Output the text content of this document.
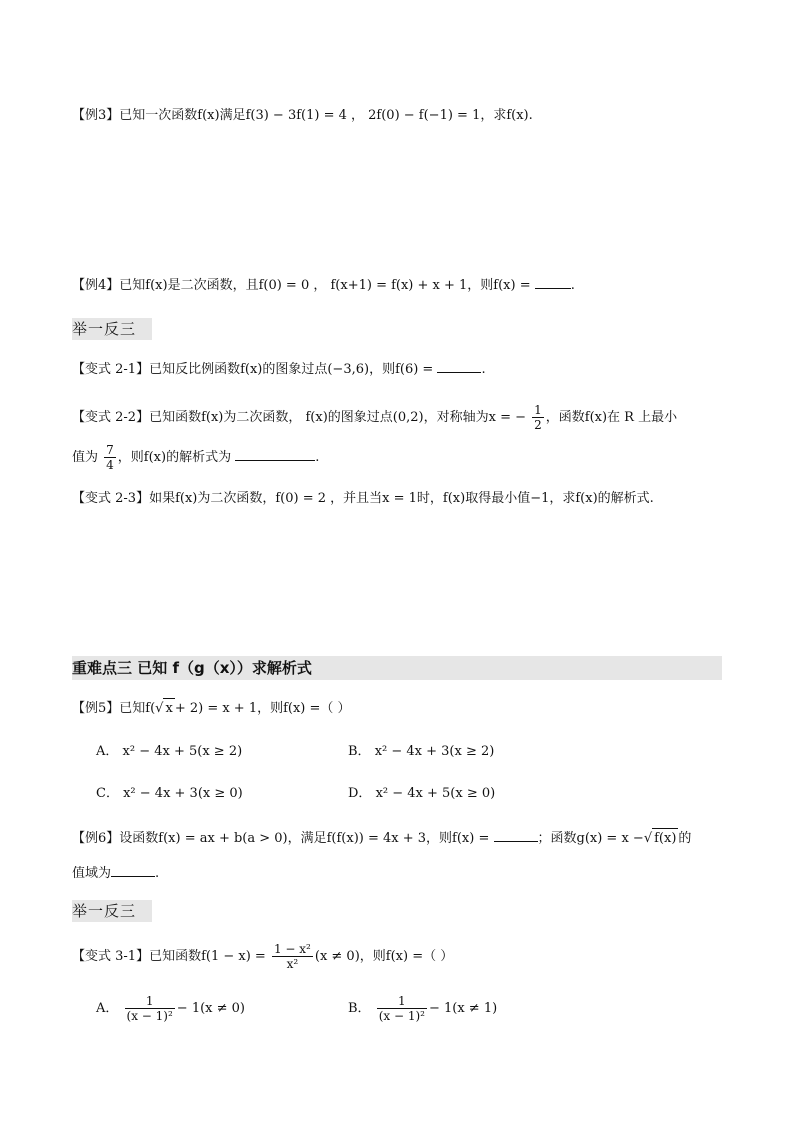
【例3】已知一次函数f(x)满足f(3) − 3f(1) = 4 ， 2f(0) − f(−1) = 1，求f(x).
【例4】已知f(x)是二次函数，且f(0) = 0 ， f(x+1) = f(x) + x + 1，则f(x) =	.
举一反三
【变式 2-1】已知反比例函数f(x)的图象过点(−3,6)，则f(6) =	.
【变式 2-2】已知函数f(x)为二次函数， f(x)的图象过点(0,2)，对称轴为x = − $\frac{1}{2}$ ，函数f(x)在 R 上最小
值为 $\frac{7}{4}$ ，则f(x)的解析式为	.
【变式 2-3】如果f(x)为二次函数，f(0) = 2 ，并且当x = 1时，f(x)取得最小值−1，求f(x)的解析式.
重难点三 已知 f（g（x））求解析式
【例5】已知f(√ x + 2) = x + 1，则f(x) =（ ）
A． x² − 4x + 5(x ≥ 2)	B． x² − 4x + 3(x ≥ 2)
C． x² − 4x + 3(x ≥ 0)	D． x² − 4x + 5(x ≥ 0)
【例6】设函数f(x) = ax + b(a > 0)，满足f(f(x)) = 4x + 3，则f(x) =	；函数g(x) = x −√ f(x) 的
值域为	.
举一反三
【变式 3-1】已知函数$f(1 - x) = \frac{\text{1 − x²}}{\text{x²}} (x \ne 0)$，则f(x) =（ ）
A． $\frac{1}{\text{(x − 1)²}} - 1(x \ne 0)$	B． $\frac{1}{\text{(x − 1)²}} - 1(x \ne 1)$
